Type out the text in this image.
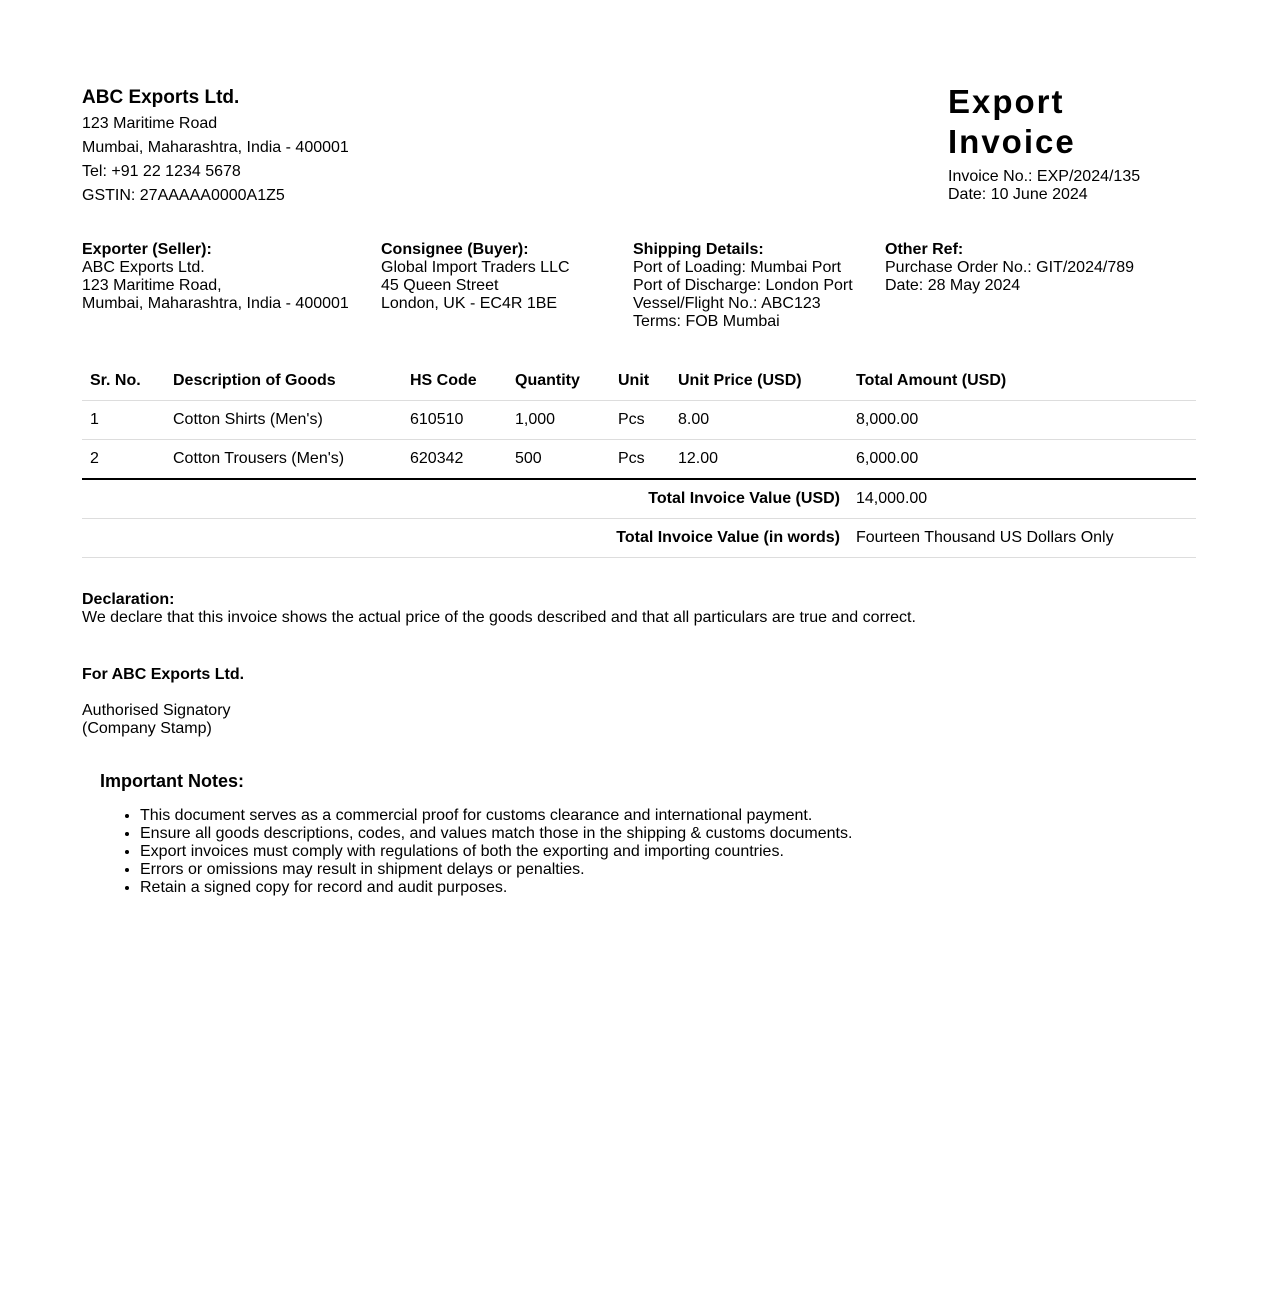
ABC Exports Ltd.
123 Maritime Road
Mumbai, Maharashtra, India - 400001
Tel: +91 22 1234 5678
GSTIN: 27AAAAA0000A1Z5
Export Invoice
Invoice No.: EXP/2024/135
Date: 10 June 2024
Exporter (Seller):
ABC Exports Ltd.
123 Maritime Road,
Mumbai, Maharashtra, India - 400001
Consignee (Buyer):
Global Import Traders LLC
45 Queen Street
London, UK - EC4R 1BE
Shipping Details:
Port of Loading: Mumbai Port
Port of Discharge: London Port
Vessel/Flight No.: ABC123
Terms: FOB Mumbai
Other Ref:
Purchase Order No.: GIT/2024/789
Date: 28 May 2024
Sr. No.	Description of Goods	HS Code	Quantity	Unit	Unit Price (USD)	Total Amount (USD)
1	Cotton Shirts (Men's)	610510	1,000	Pcs	8.00	8,000.00
2	Cotton Trousers (Men's)	620342	500	Pcs	12.00	6,000.00
Total Invoice Value (USD)						14,000.00
Total Invoice Value (in words)						Fourteen Thousand US Dollars Only
Declaration:
We declare that this invoice shows the actual price of the goods described and that all particulars are true and correct.
For ABC Exports Ltd.
Authorised Signatory
(Company Stamp)
Important Notes:
• This document serves as a commercial proof for customs clearance and international payment.
• Ensure all goods descriptions, codes, and values match those in the shipping & customs documents.
• Export invoices must comply with regulations of both the exporting and importing countries.
• Errors or omissions may result in shipment delays or penalties.
• Retain a signed copy for record and audit purposes.
